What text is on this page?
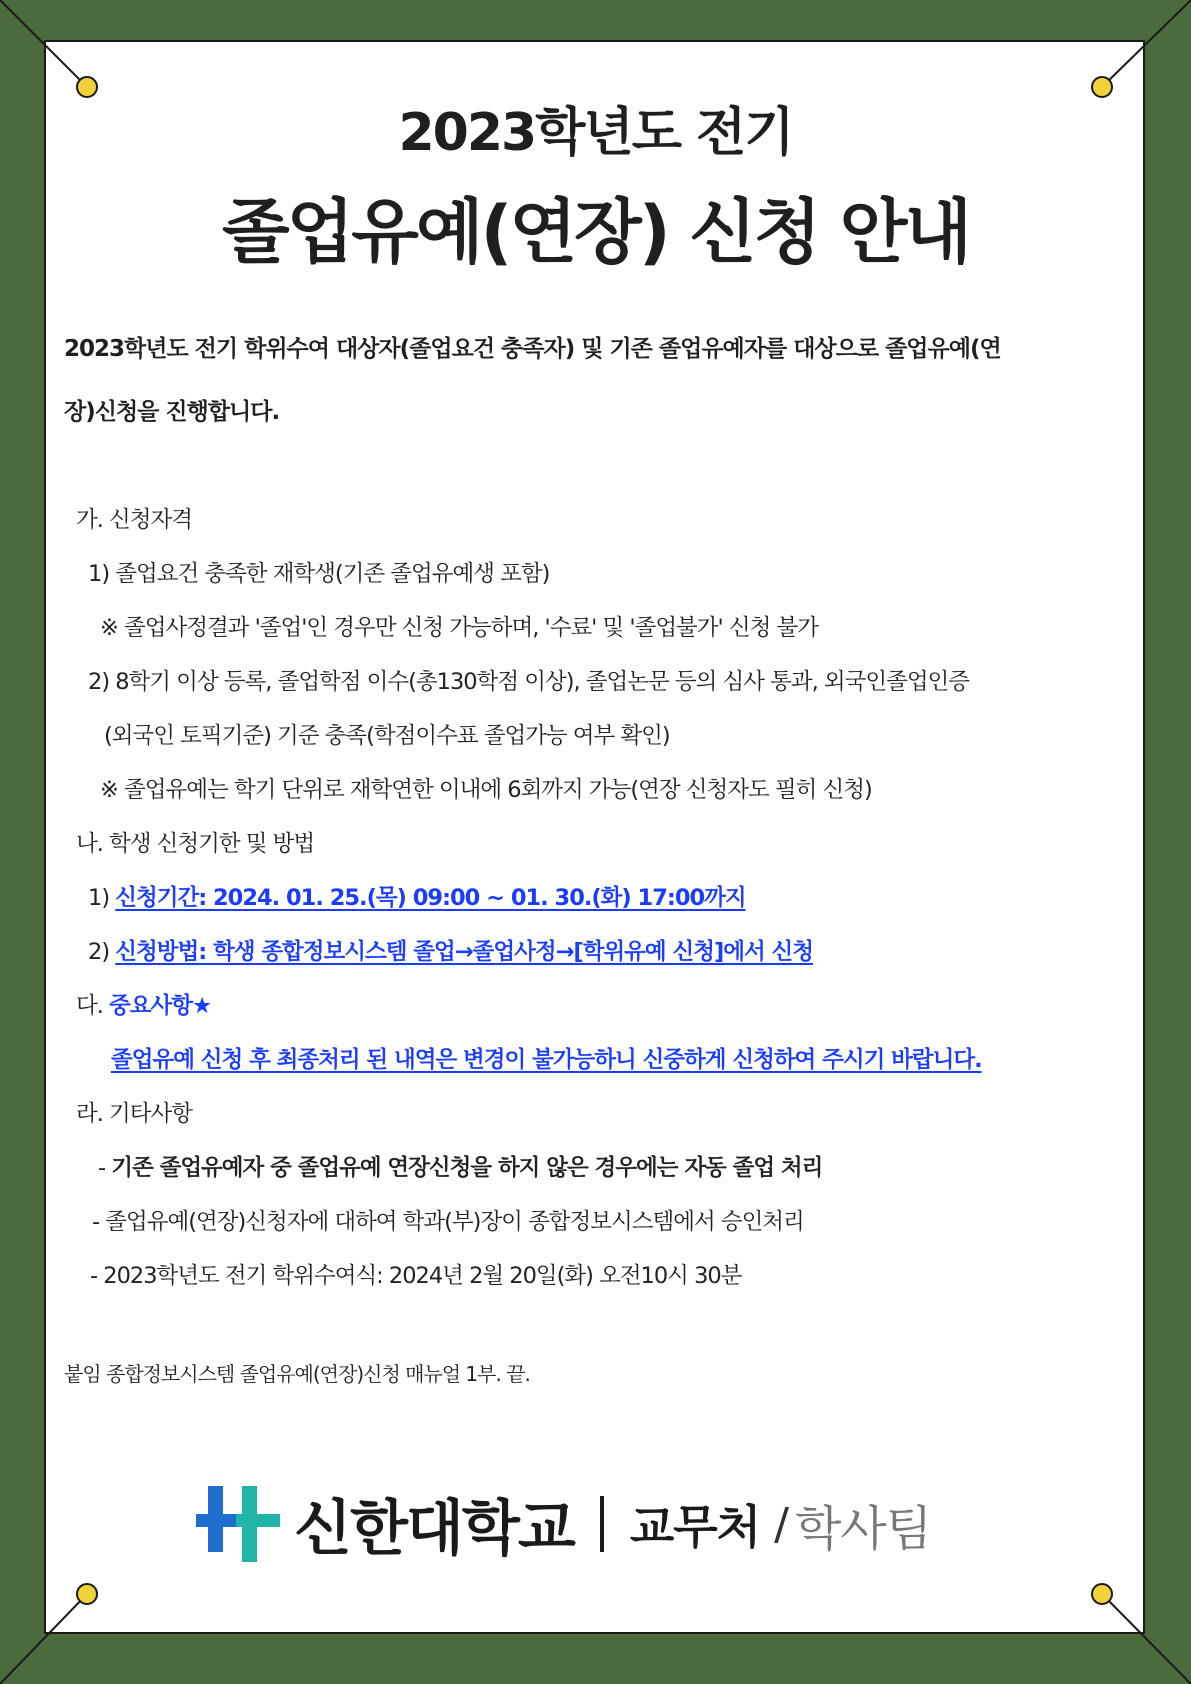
2023학년도 전기
졸업유예(연장) 신청 안내

2023학년도 전기 학위수여 대상자(졸업요건 충족자) 및 기존 졸업유예자를 대상으로 졸업유예(연

장)신청을 진행합니다.

가. 신청자격
1) 졸업요건 충족한 재학생(기존 졸업유예생 포함)
※ 졸업사정결과 '졸업'인 경우만 신청 가능하며, '수료' 및 '졸업불가' 신청 불가
2) 8학기 이상 등록, 졸업학점 이수(총130학점 이상), 졸업논문 등의 심사 통과, 외국인졸업인증
(외국인 토픽기준) 기준 충족(학점이수표 졸업가능 여부 확인)
※ 졸업유예는 학기 단위로 재학연한 이내에 6회까지 가능(연장 신청자도 필히 신청)
나. 학생 신청기한 및 방법
1) 신청기간: 2024. 01. 25.(목) 09:00 ~ 01. 30.(화) 17:00까지
2) 신청방법: 학생 종합정보시스템 졸업→졸업사정→[학위유예 신청]에서 신청
다. 중요사항★
졸업유예 신청 후 최종처리 된 내역은 변경이 불가능하니 신중하게 신청하여 주시기 바랍니다.
라. 기타사항
- 기존 졸업유예자 중 졸업유예 연장신청을 하지 않은 경우에는 자동 졸업 처리
- 졸업유예(연장)신청자에 대하여 학과(부)장이 종합정보시스템에서 승인처리
- 2023학년도 전기 학위수여식: 2024년 2월 20일(화) 오전10시 30분
붙임 종합정보시스템 졸업유예(연장)신청 매뉴얼 1부. 끝.
신한대학교 교무처 / 학사팀
